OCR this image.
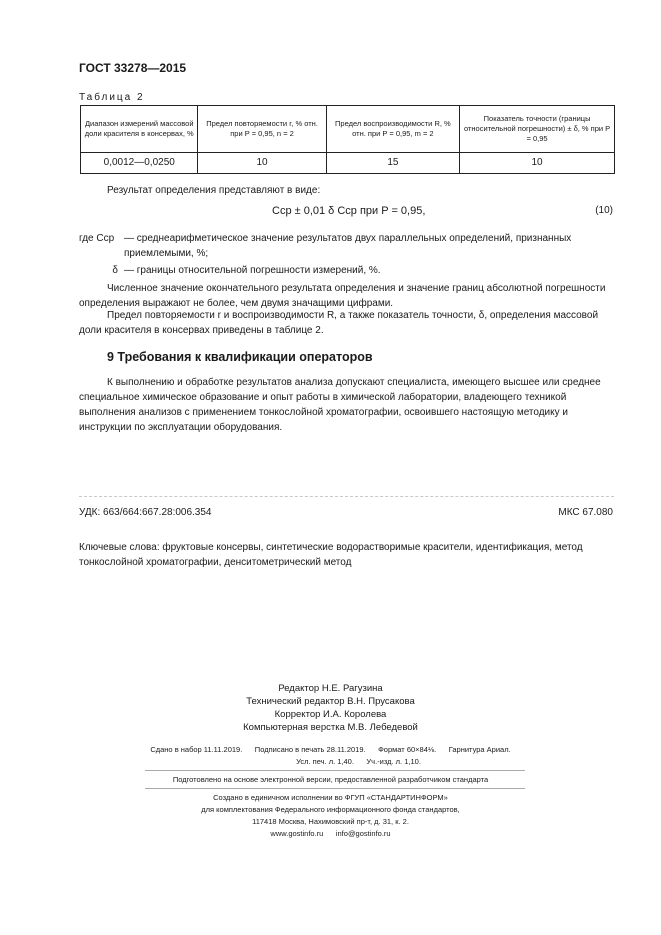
ГОСТ 33278—2015
Таблица 2
Диапазон измерений массовой доли красителя в консервах, %	Предел повторяемости r, % отн. при P = 0,95, n = 2	Предел воспроизводимости R, % отн. при P = 0,95, m = 2	Показатель точности (границы относительной погрешности) ± δ, % при P = 0,95
0,0012—0,0250	10	15	10
Результат определения представляют в виде:
Cср ± 0,01 δ Cср при P = 0,95,	(10)
где Cср — среднеарифметическое значение результатов двух параллельных определений, признанных приемлемыми, %;
δ — границы относительной погрешности измерений, %.
Численное значение окончательного результата определения и значение границ абсолютной погрешности определения выражают не более, чем двумя значащими цифрами.
Предел повторяемости r и воспроизводимости R, а также показатель точности, δ, определения массовой доли красителя в консервах приведены в таблице 2.
9 Требования к квалификации операторов
К выполнению и обработке результатов анализа допускают специалиста, имеющего высшее или среднее специальное химическое образование и опыт работы в химической лаборатории, владеющего техникой выполнения анализов с применением тонкослойной хроматографии, освоившего настоящую методику и инструкции по эксплуатации оборудования.
УДК: 663/664:667.28:006.354	МКС 67.080
Ключевые слова: фруктовые консервы, синтетические водорастворимые красители, идентификация, метод тонкослойной хроматографии, денситометрический метод
Редактор Н.Е. Рагузина
Технический редактор В.Н. Прусакова
Корректор И.А. Королева
Компьютерная верстка М.В. Лебедевой
Сдано в набор 11.11.2019.      Подписано в печать 28.11.2019.      Формат 60×84⅛.      Гарнитура Ариал.
Усл. печ. л. 1,40.      Уч.-изд. л. 1,10.
Подготовлено на основе электронной версии, предоставленной разработчиком стандарта
Создано в единичном исполнении во ФГУП «СТАНДАРТИНФОРМ»
для комплектования Федерального информационного фонда стандартов,
117418 Москва, Нахимовский пр-т, д. 31, к. 2.
www.gostinfo.ru      info@gostinfo.ru
